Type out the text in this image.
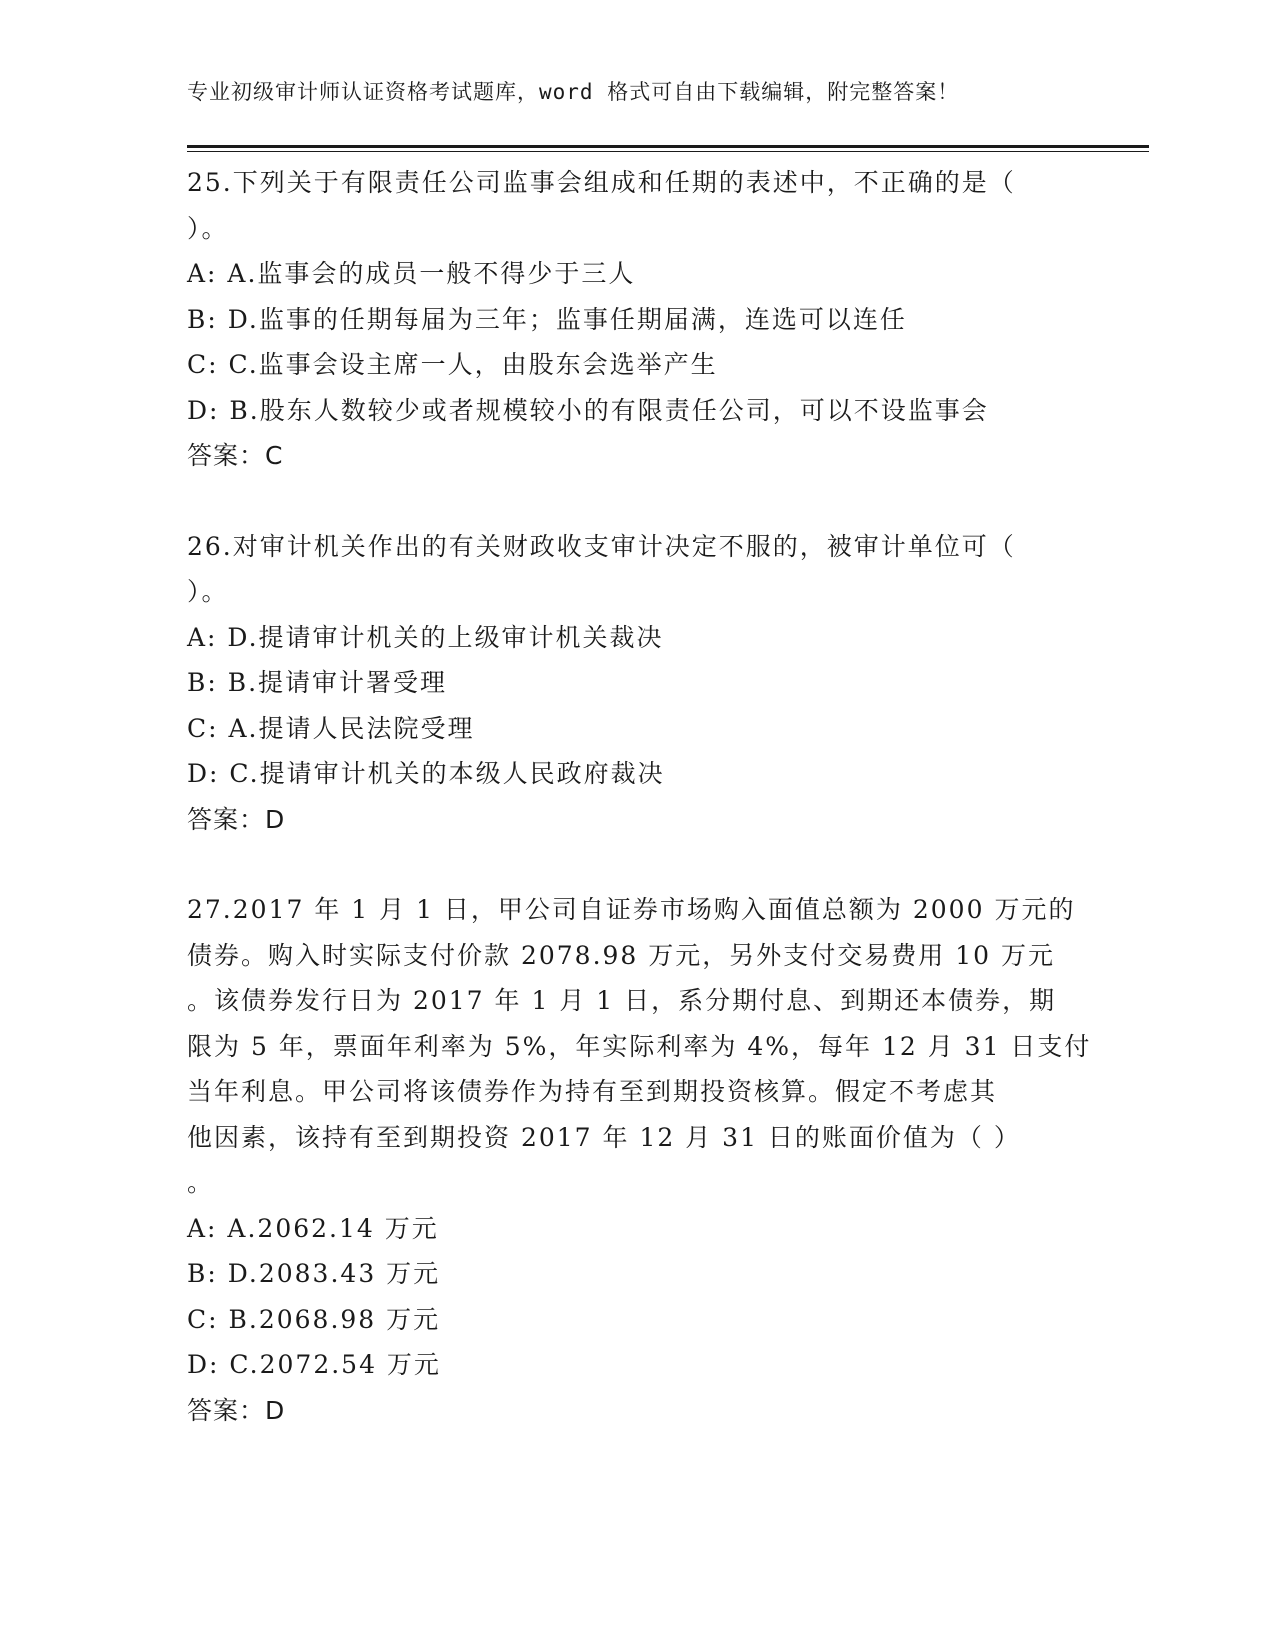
专业初级审计师认证资格考试题库，word 格式可自由下载编辑，附完整答案！
25.下列关于有限责任公司监事会组成和任期的表述中，不正确的是（
）。
A: A.监事会的成员一般不得少于三人
B: D.监事的任期每届为三年；监事任期届满，连选可以连任
C: C.监事会设主席一人，由股东会选举产生
D: B.股东人数较少或者规模较小的有限责任公司，可以不设监事会
答案：C
26.对审计机关作出的有关财政收支审计决定不服的，被审计单位可（
）。
A: D.提请审计机关的上级审计机关裁决
B: B.提请审计署受理
C: A.提请人民法院受理
D: C.提请审计机关的本级人民政府裁决
答案：D
27.2017 年 1 月 1 日，甲公司自证券市场购入面值总额为 2000 万元的
债券。购入时实际支付价款 2078.98 万元，另外支付交易费用 10 万元
。该债券发行日为 2017 年 1 月 1 日，系分期付息、到期还本债券，期
限为 5 年，票面年利率为 5%，年实际利率为 4%，每年 12 月 31 日支付
当年利息。甲公司将该债券作为持有至到期投资核算。假定不考虑其
他因素，该持有至到期投资 2017 年 12 月 31 日的账面价值为（ ）
。
A: A.2062.14 万元
B: D.2083.43 万元
C: B.2068.98 万元
D: C.2072.54 万元
答案：D
